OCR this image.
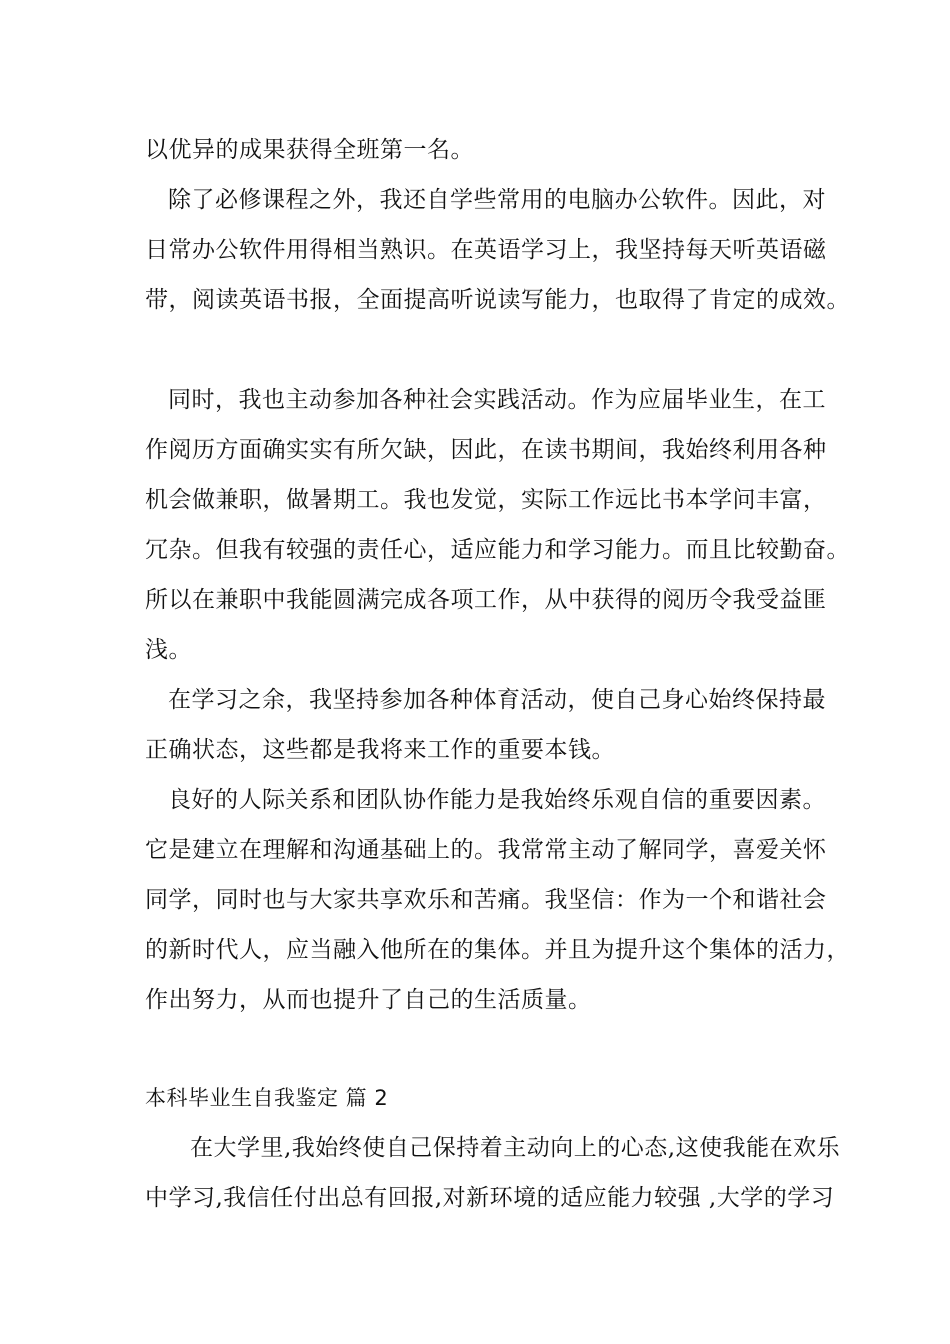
以优异的成果获得全班第一名。
除了必修课程之外，我还自学些常用的电脑办公软件。因此，对
日常办公软件用得相当熟识。在英语学习上，我坚持每天听英语磁
带，阅读英语书报，全面提高听说读写能力，也取得了肯定的成效。
同时，我也主动参加各种社会实践活动。作为应届毕业生，在工
作阅历方面确实实有所欠缺，因此，在读书期间，我始终利用各种
机会做兼职，做暑期工。我也发觉，实际工作远比书本学问丰富，
冗杂。但我有较强的责任心，适应能力和学习能力。而且比较勤奋。
所以在兼职中我能圆满完成各项工作，从中获得的阅历令我受益匪
浅。
在学习之余，我坚持参加各种体育活动，使自己身心始终保持最
正确状态，这些都是我将来工作的重要本钱。
良好的人际关系和团队协作能力是我始终乐观自信的重要因素。
它是建立在理解和沟通基础上的。我常常主动了解同学，喜爱关怀
同学，同时也与大家共享欢乐和苦痛。我坚信：作为一个和谐社会
的新时代人，应当融入他所在的集体。并且为提升这个集体的活力，
作出努力，从而也提升了自己的生活质量。
本科毕业生自我鉴定 篇 2
在大学里,我始终使自己保持着主动向上的心态,这使我能在欢乐
中学习,我信任付出总有回报,对新环境的适应能力较强 ,大学的学习
